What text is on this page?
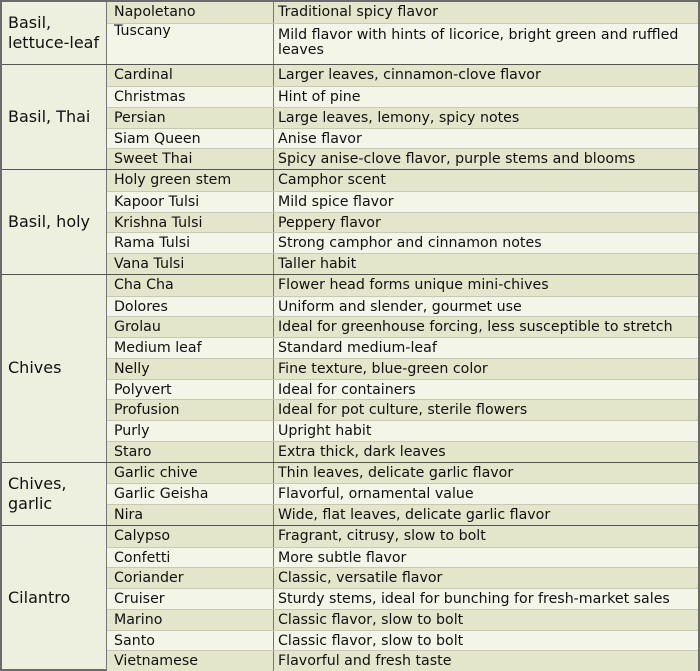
Basil, lettuce-leaf
Napoletano	Traditional spicy flavor
Tuscany	Mild flavor with hints of licorice, bright green and ruffled leaves
Basil, Thai
Cardinal	Larger leaves, cinnamon-clove flavor
Christmas	Hint of pine
Persian	Large leaves, lemony, spicy notes
Siam Queen	Anise flavor
Sweet Thai	Spicy anise-clove flavor, purple stems and blooms
Basil, holy
Holy green stem	Camphor scent
Kapoor Tulsi	Mild spice flavor
Krishna Tulsi	Peppery flavor
Rama Tulsi	Strong camphor and cinnamon notes
Vana Tulsi	Taller habit
Chives
Cha Cha	Flower head forms unique mini-chives
Dolores	Uniform and slender, gourmet use
Grolau	Ideal for greenhouse forcing, less susceptible to stretch
Medium leaf	Standard medium-leaf
Nelly	Fine texture, blue-green color
Polyvert	Ideal for containers
Profusion	Ideal for pot culture, sterile flowers
Purly	Upright habit
Staro	Extra thick, dark leaves
Chives, garlic
Garlic chive	Thin leaves, delicate garlic flavor
Garlic Geisha	Flavorful, ornamental value
Nira	Wide, flat leaves, delicate garlic flavor
Cilantro
Calypso	Fragrant, citrusy, slow to bolt
Confetti	More subtle flavor
Coriander	Classic, versatile flavor
Cruiser	Sturdy stems, ideal for bunching for fresh-market sales
Marino	Classic flavor, slow to bolt
Santo	Classic flavor, slow to bolt
Vietnamese	Flavorful and fresh taste
